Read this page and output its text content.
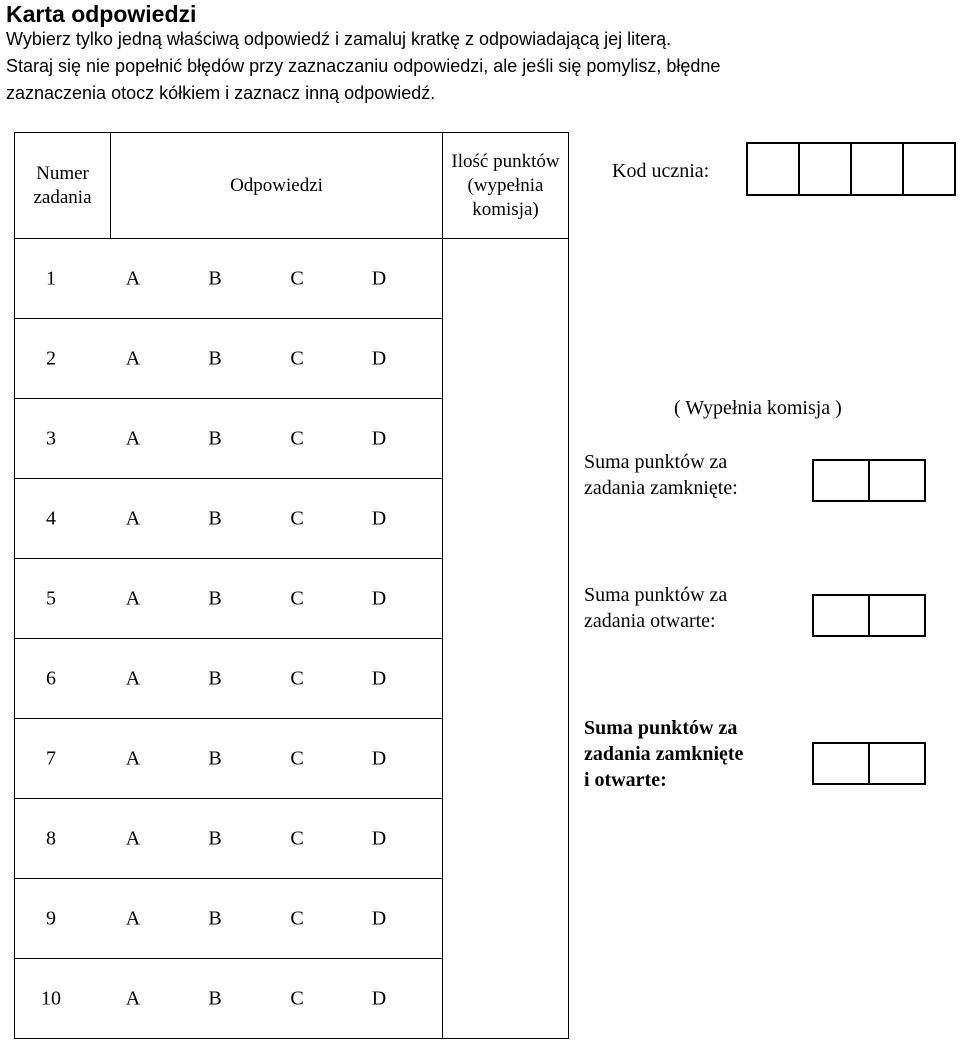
Karta odpowiedzi
Wybierz tylko jedną właściwą odpowiedź i zamaluj kratkę z odpowiadającą jej literą.
Staraj się nie popełnić błędów przy zaznaczaniu odpowiedzi, ale jeśli się pomylisz, błędne
zaznaczenia otocz kółkiem i zaznacz inną odpowiedź.
Numer zadania	Odpowiedzi	Ilość punktów (wypełnia komisja)

1 A B C D		

2 A B C D		

3 A B C D		

4 A B C D		

5 A B C D		

6 A B C D		

7 A B C D		

8 A B C D		

9 A B C D		

10 A B C D		
Kod ucznia:
( Wypełnia komisja )
Suma punktów za zadania zamknięte:
Suma punktów za zadania otwarte:
Suma punktów za
zadania zamknięte
i otwarte:
